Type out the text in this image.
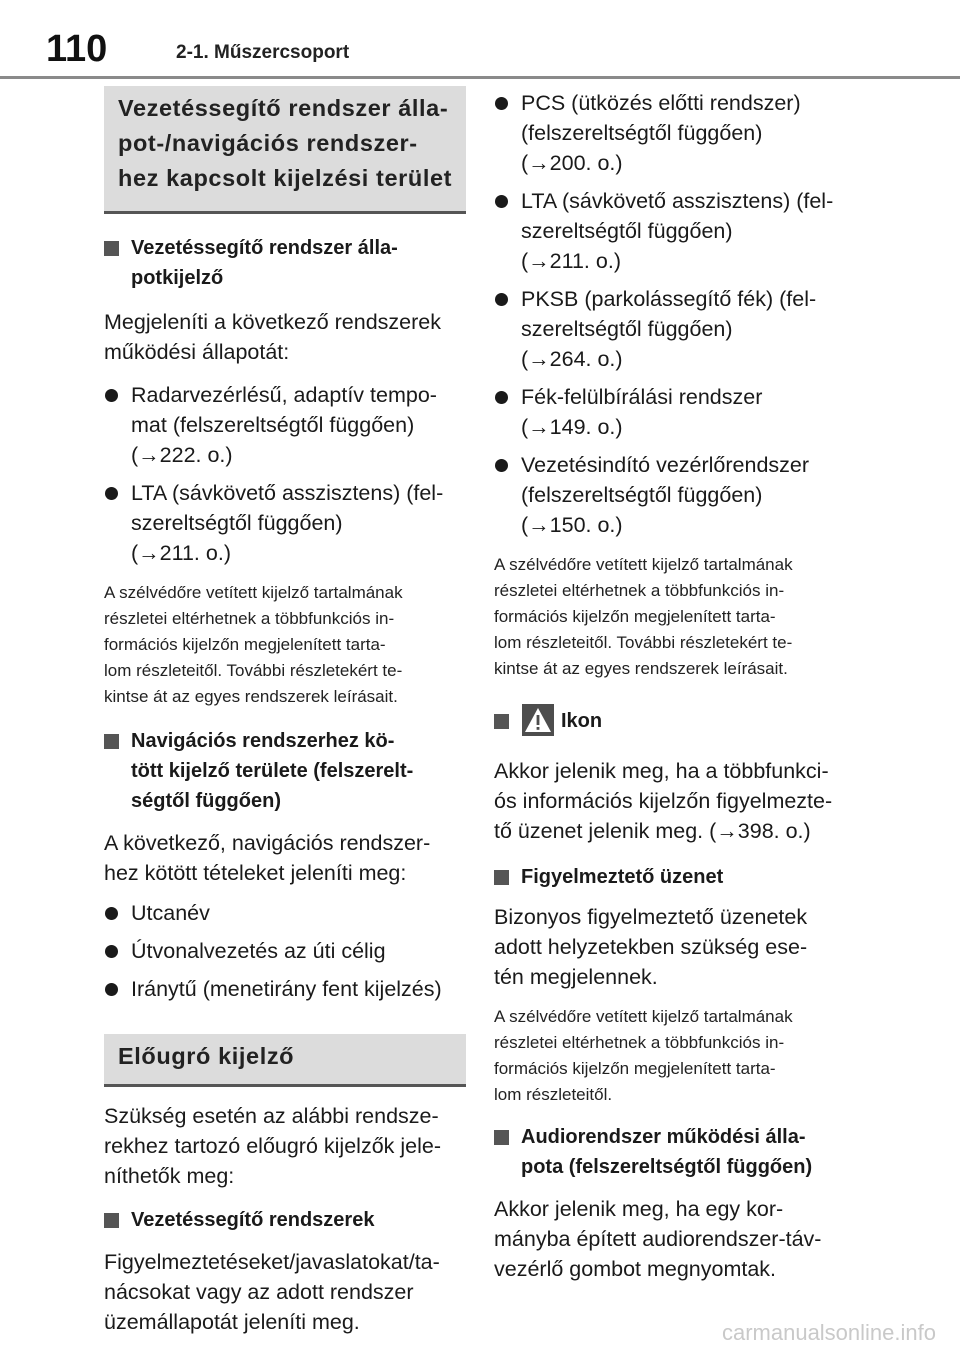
110	2-1. Műszercsoport
Vezetéssegítő rendszer álla-
pot-/navigációs rendszer-
hez kapcsolt kijelzési terület
Vezetéssegítő rendszer álla-
potkijelző
Megjeleníti a következő rendszerek
működési állapotát:
Radarvezérlésű, adaptív tempo-
mat (felszereltségtől függően)
(→222. o.)
LTA (sávkövető asszisztens) (fel-
szereltségtől függően)
(→211. o.)
A szélvédőre vetített kijelző tartalmának
részletei eltérhetnek a többfunkciós in-
formációs kijelzőn megjelenített tarta-
lom részleteitől. További részletekért te-
kintse át az egyes rendszerek leírásait.
Navigációs rendszerhez kö-
tött kijelző területe (felszerelt-
ségtől függően)
A következő, navigációs rendszer-
hez kötött tételeket jeleníti meg:
Utcanév
Útvonalvezetés az úti célig
Iránytű (menetirány fent kijelzés)
Előugró kijelző
Szükség esetén az alábbi rendsze-
rekhez tartozó előugró kijelzők jele-
níthetők meg:
Vezetéssegítő rendszerek
Figyelmeztetéseket/javaslatokat/ta-
nácsokat vagy az adott rendszer
üzemállapotát jeleníti meg.
PCS (ütközés előtti rendszer)
(felszereltségtől függően)
(→200. o.)
LTA (sávkövető asszisztens) (fel-
szereltségtől függően)
(→211. o.)
PKSB (parkolássegítő fék) (fel-
szereltségtől függően)
(→264. o.)
Fék-felülbírálási rendszer
(→149. o.)
Vezetésindító vezérlőrendszer
(felszereltségtől függően)
(→150. o.)
A szélvédőre vetített kijelző tartalmának
részletei eltérhetnek a többfunkciós in-
formációs kijelzőn megjelenített tarta-
lom részleteitől. További részletekért te-
kintse át az egyes rendszerek leírásait.
Ikon
Akkor jelenik meg, ha a többfunkci-
ós információs kijelzőn figyelmezte-
tő üzenet jelenik meg. (→398. o.)
Figyelmeztető üzenet
Bizonyos figyelmeztető üzenetek
adott helyzetekben szükség ese-
tén megjelennek.
A szélvédőre vetített kijelző tartalmának
részletei eltérhetnek a többfunkciós in-
formációs kijelzőn megjelenített tarta-
lom részleteitől.
Audiorendszer működési álla-
pota (felszereltségtől függően)
Akkor jelenik meg, ha egy kor-
mányba épített audiorendszer-táv-
vezérlő gombot megnyomtak.
carmanualsonline.info
